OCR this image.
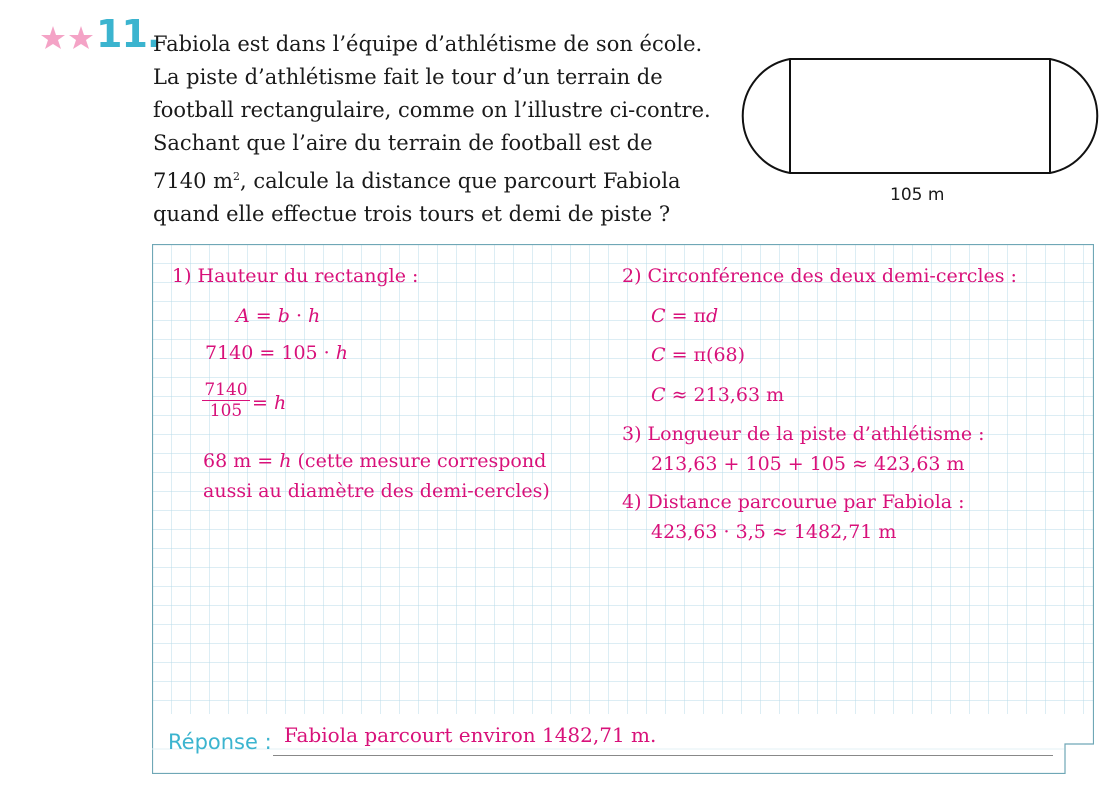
11.
Fabiola est dans l’équipe d’athlétisme de son école.
La piste d’athlétisme fait le tour d’un terrain de
football rectangulaire, comme on l’illustre ci-contre.
Sachant que l’aire du terrain de football est de
7140 $m^2$, calcule la distance que parcourt Fabiola
quand elle effectue trois tours et demi de piste ?
105 m
1) Hauteur du rectangle :
A = b · h
7140 = 105 · h
7140
105 = h
68 m = h (cette mesure correspond
aussi au diamètre des demi-cercles)
2) Circonférence des deux demi-cercles :
C = πd
C = π(68)
C ≈ 213,63 m
3) Longueur de la piste d’athlétisme :
213,63 + 105 + 105 ≈ 423,63 m
4) Distance parcourue par Fabiola :
423,63 · 3,5 ≈ 1482,71 m
Réponse : Fabiola parcourt environ 1482,71 m.
